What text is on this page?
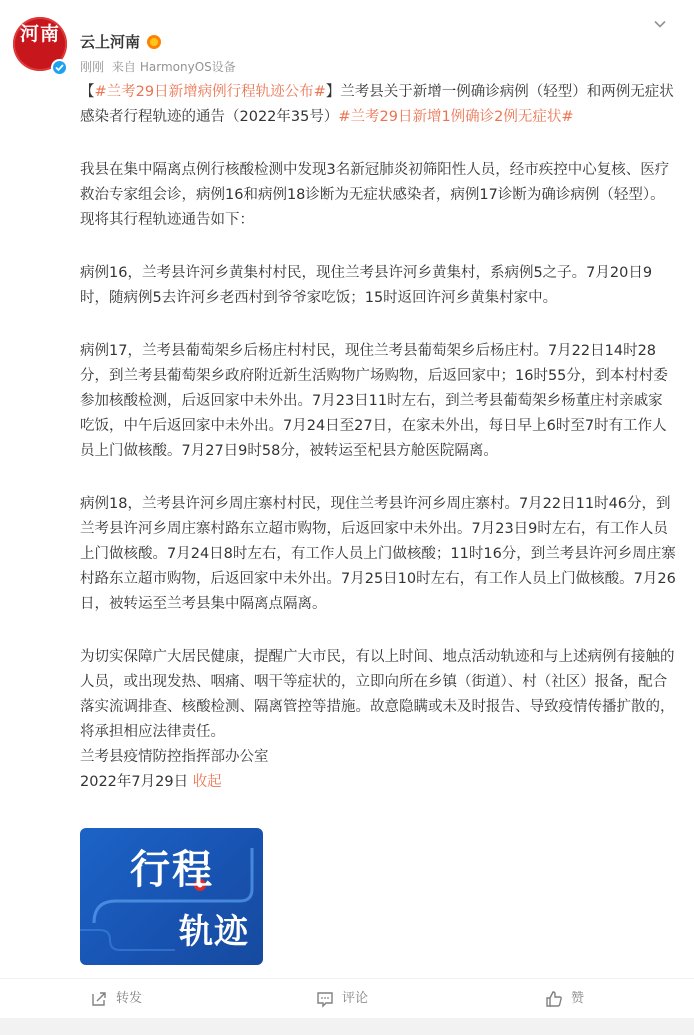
河南	云上河南
刚刚 来自 HarmonyOS设备

【#兰考29日新增病例行程轨迹公布#】兰考县关于新增一例确诊病例（轻型）和两例无症状感染者行程轨迹的通告（2022年35号）#兰考29日新增1例确诊2例无症状#

我县在集中隔离点例行核酸检测中发现3名新冠肺炎初筛阳性人员，经市疾控中心复核、医疗救治专家组会诊，病例16和病例18诊断为无症状感染者，病例17诊断为确诊病例（轻型）。现将其行程轨迹通告如下：

病例16，兰考县许河乡黄集村村民，现住兰考县许河乡黄集村，系病例5之子。7月20日9时，随病例5去许河乡老西村到爷爷家吃饭；15时返回许河乡黄集村家中。

病例17，兰考县葡萄架乡后杨庄村村民，现住兰考县葡萄架乡后杨庄村。7月22日14时28分，到兰考县葡萄架乡政府附近新生活购物广场购物，后返回家中；16时55分，到本村村委参加核酸检测，后返回家中未外出。7月23日11时左右，到兰考县葡萄架乡杨董庄村亲戚家吃饭，中午后返回家中未外出。7月24日至27日，在家未外出，每日早上6时至7时有工作人员上门做核酸。7月27日9时58分，被转运至杞县方舱医院隔离。

病例18，兰考县许河乡周庄寨村村民，现住兰考县许河乡周庄寨村。7月22日11时46分，到兰考县许河乡周庄寨村路东立超市购物，后返回家中未外出。7月23日9时左右，有工作人员上门做核酸。7月24日8时左右，有工作人员上门做核酸；11时16分，到兰考县许河乡周庄寨村路东立超市购物，后返回家中未外出。7月25日10时左右，有工作人员上门做核酸。7月26日，被转运至兰考县集中隔离点隔离。

为切实保障广大居民健康，提醒广大市民，有以上时间、地点活动轨迹和与上述病例有接触的人员，或出现发热、咽痛、咽干等症状的，立即向所在乡镇（街道）、村（社区）报备，配合落实流调排查、核酸检测、隔离管控等措施。故意隐瞒或未及时报告、导致疫情传播扩散的，将承担相应法律责任。

兰考县疫情防控指挥部办公室

2022年7月29日 收起

行程
轨迹
转发	评论	赞
